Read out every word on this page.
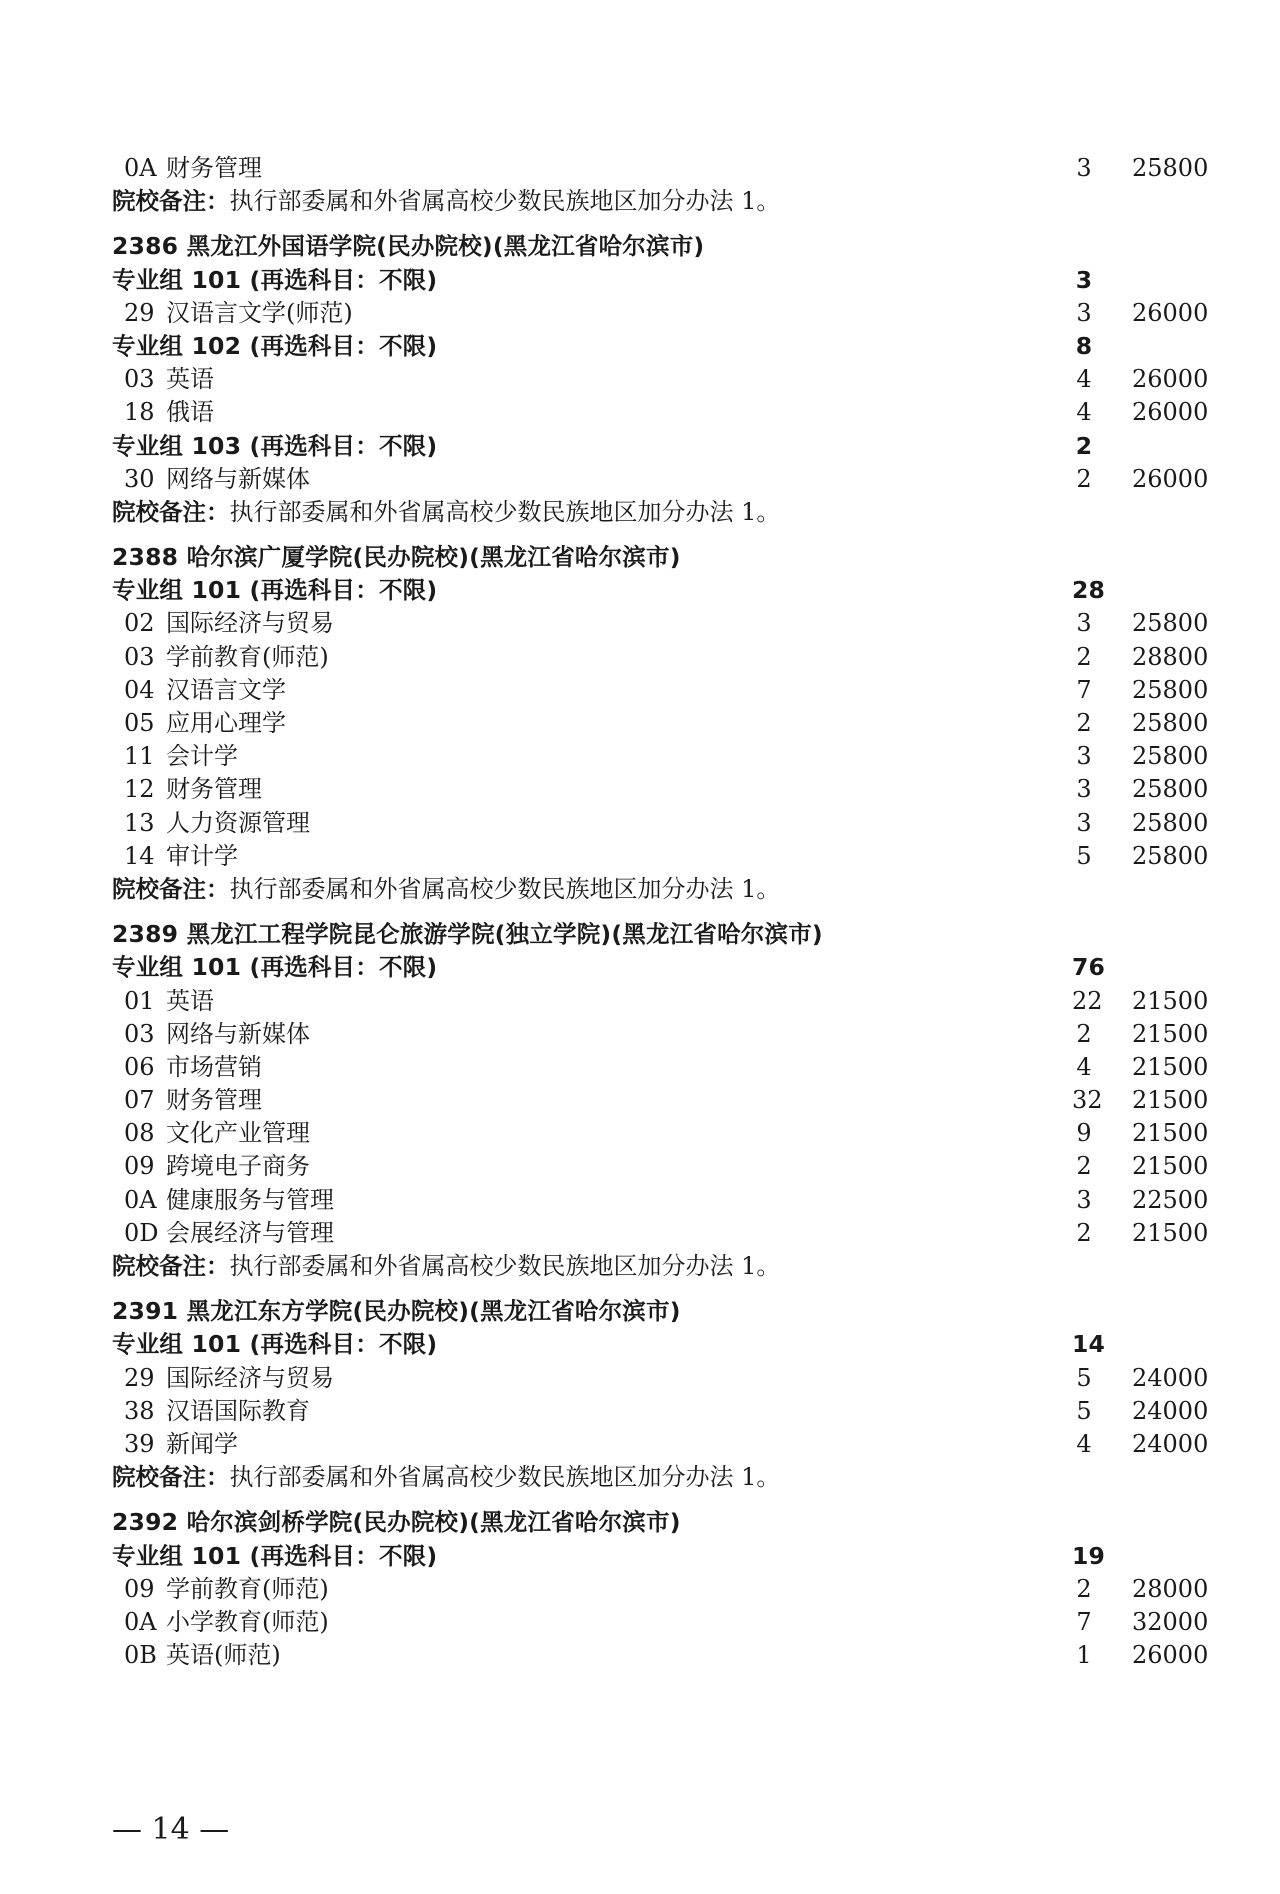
0A 财务管理	3 25800
院校备注：执行部委属和外省属高校少数民族地区加分办法 1。
2386 黑龙江外国语学院(民办院校)(黑龙江省哈尔滨市)
专业组 101 (再选科目：不限)	3
29 汉语言文学(师范)	3 26000
专业组 102 (再选科目：不限)	8
03 英语	4 26000
18 俄语	4 26000
专业组 103 (再选科目：不限)	2
30 网络与新媒体	2 26000
院校备注：执行部委属和外省属高校少数民族地区加分办法 1。
2388 哈尔滨广厦学院(民办院校)(黑龙江省哈尔滨市)
专业组 101 (再选科目：不限)	28
02 国际经济与贸易	3 25800
03 学前教育(师范)	2 28800
04 汉语言文学	7 25800
05 应用心理学	2 25800
11 会计学	3 25800
12 财务管理	3 25800
13 人力资源管理	3 25800
14 审计学	5 25800
院校备注：执行部委属和外省属高校少数民族地区加分办法 1。
2389 黑龙江工程学院昆仑旅游学院(独立学院)(黑龙江省哈尔滨市)
专业组 101 (再选科目：不限)	76
01 英语	22 21500
03 网络与新媒体	2 21500
06 市场营销	4 21500
07 财务管理	32 21500
08 文化产业管理	9 21500
09 跨境电子商务	2 21500
0A 健康服务与管理	3 22500
0D 会展经济与管理	2 21500
院校备注：执行部委属和外省属高校少数民族地区加分办法 1。
2391 黑龙江东方学院(民办院校)(黑龙江省哈尔滨市)
专业组 101 (再选科目：不限)	14
29 国际经济与贸易	5 24000
38 汉语国际教育	5 24000
39 新闻学	4 24000
院校备注：执行部委属和外省属高校少数民族地区加分办法 1。
2392 哈尔滨剑桥学院(民办院校)(黑龙江省哈尔滨市)
专业组 101 (再选科目：不限)	19
09 学前教育(师范)	2 28000
0A 小学教育(师范)	7 32000
0B 英语(师范)	1 26000
— 14 —
